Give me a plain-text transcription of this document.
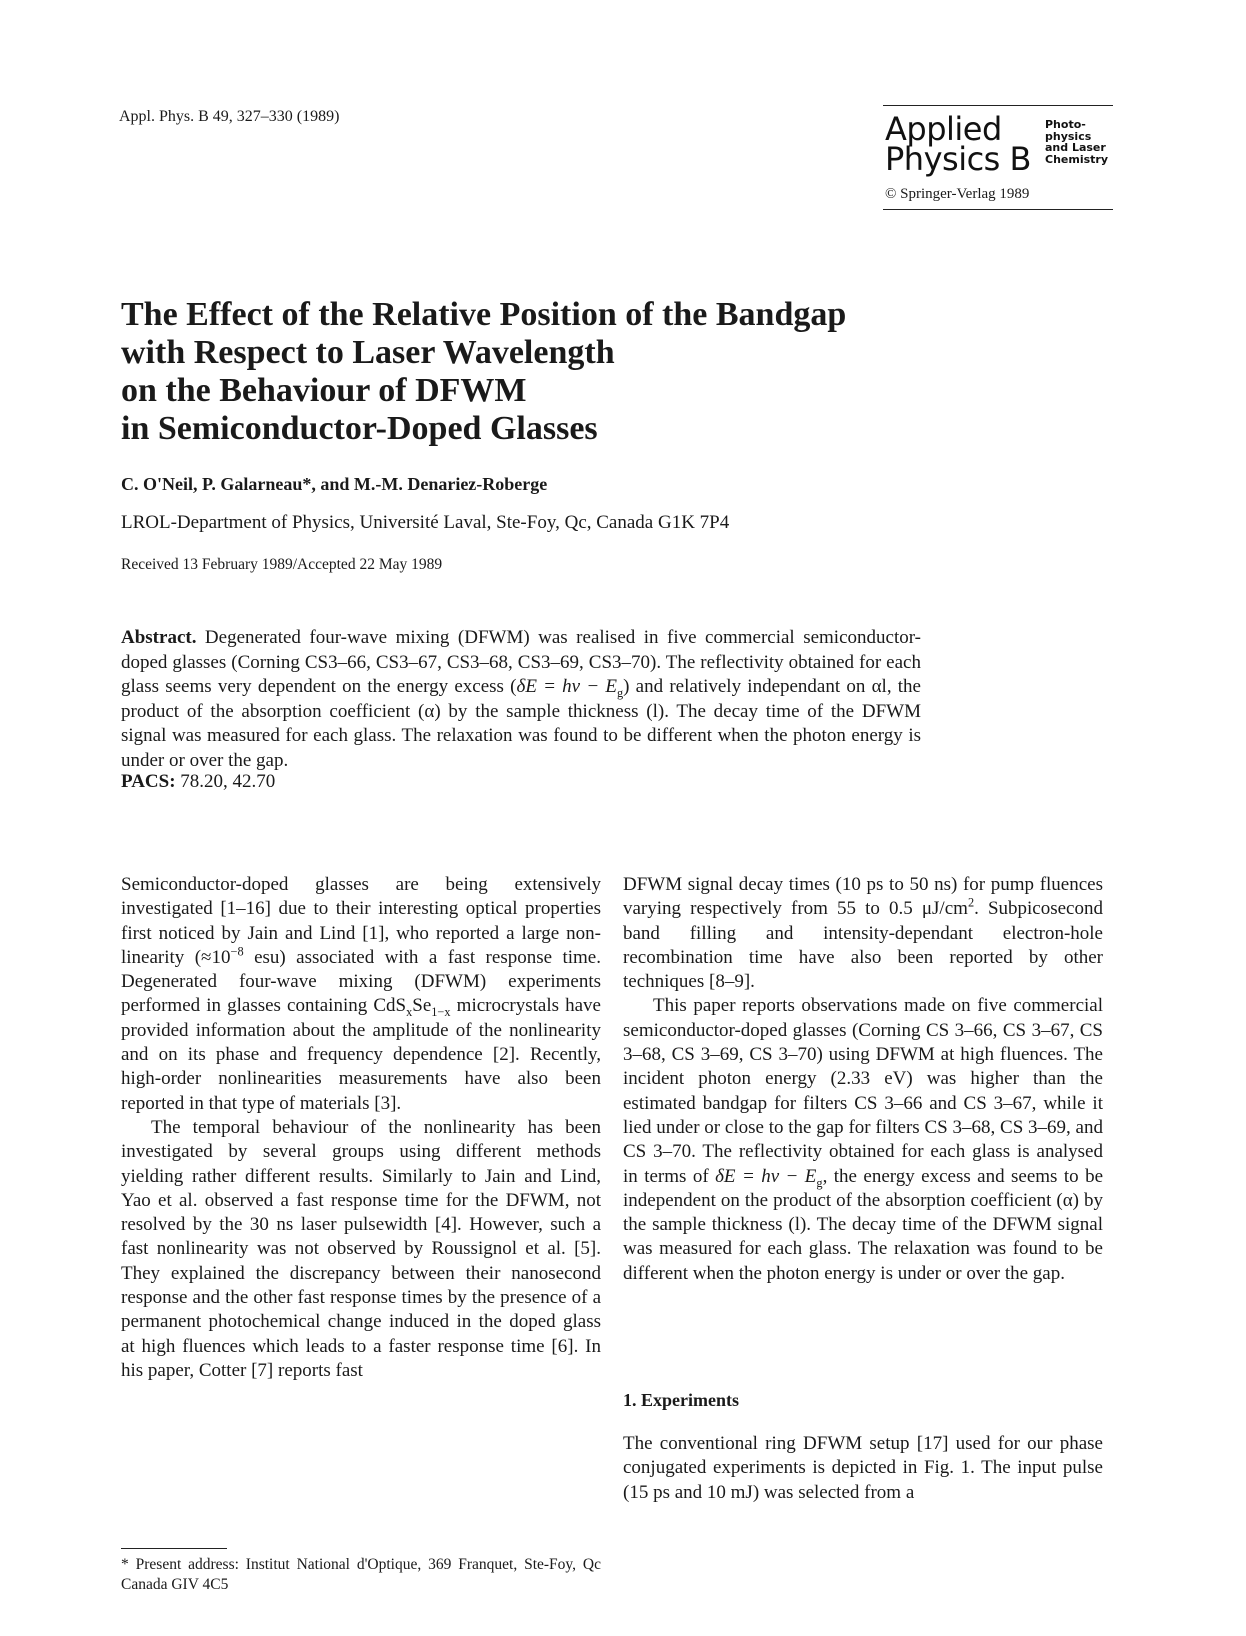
Appl. Phys. B 49, 327–330 (1989)	Applied
Physics B
Photo-
physics
and Laser
Chemistry
© Springer-Verlag 1989
The Effect of the Relative Position of the Bandgap
with Respect to Laser Wavelength
on the Behaviour of DFWM
in Semiconductor-Doped Glasses
C. O'Neil, P. Galarneau*, and M.-M. Denariez-Roberge
LROL-Department of Physics, Université Laval, Ste-Foy, Qc, Canada G1K 7P4
Received 13 February 1989/Accepted 22 May 1989

Abstract. Degenerated four-wave mixing (DFWM) was realised in five commercial semiconductor-doped glasses (Corning CS3–66, CS3–67, CS3–68, CS3–69, CS3–70). The reflectivity obtained for each glass seems very dependent on the energy excess $(\delta E = h\nu - E_g)$ and relatively independant on αl, the product of the absorption coefficient (α) by the sample thickness (l). The decay time of the DFWM signal was measured for each glass. The relaxation was found to be different when the photon energy is under or over the gap.

PACS: 78.20, 42.70

Semiconductor-doped glasses are being extensively investigated [1–16] due to their interesting optical properties first noticed by Jain and Lind [1], who reported a large non-linearity ($\approx 10^{-8}$ esu) associated with a fast response time. Degenerated four-wave mixing (DFWM) experiments performed in glasses containing $CdS_xSe_{1-x}$ microcrystals have provided information about the amplitude of the nonlinearity and on its phase and frequency dependence [2]. Recently, high-order nonlinearities measurements have also been reported in that type of materials [3].

The temporal behaviour of the nonlinearity has been investigated by several groups using different methods yielding rather different results. Similarly to Jain and Lind, Yao et al. observed a fast response time for the DFWM, not resolved by the 30 ns laser pulsewidth [4]. However, such a fast nonlinearity was not observed by Roussignol et al. [5]. They explained the discrepancy between their nanosecond response and the other fast response times by the presence of a permanent photochemical change induced in the doped glass at high fluences which leads to a faster response time [6]. In his paper, Cotter [7] reports fast

DFWM signal decay times (10 ps to 50 ns) for pump fluences varying respectively from 55 to 0.5 $\mu J/cm^2$. Subpicosecond band filling and intensity-dependant electron-hole recombination time have also been reported by other techniques [8–9].

This paper reports observations made on five commercial semiconductor-doped glasses (Corning CS 3–66, CS 3–67, CS 3–68, CS 3–69, CS 3–70) using DFWM at high fluences. The incident photon energy (2.33 eV) was higher than the estimated bandgap for filters CS 3–66 and CS 3–67, while it lied under or close to the gap for filters CS 3–68, CS 3–69, and CS 3–70. The reflectivity obtained for each glass is analysed in terms of $\delta E = h\nu - E_g$, the energy excess and seems to be independent on the product of the absorption coefficient (α) by the sample thickness (l). The decay time of the DFWM signal was measured for each glass. The relaxation was found to be different when the photon energy is under or over the gap.

1. Experiments

The conventional ring DFWM setup [17] used for our phase conjugated experiments is depicted in Fig. 1. The input pulse (15 ps and 10 mJ) was selected from a

* Present address: Institut National d'Optique, 369 Franquet, Ste-Foy, Qc Canada GIV 4C5
